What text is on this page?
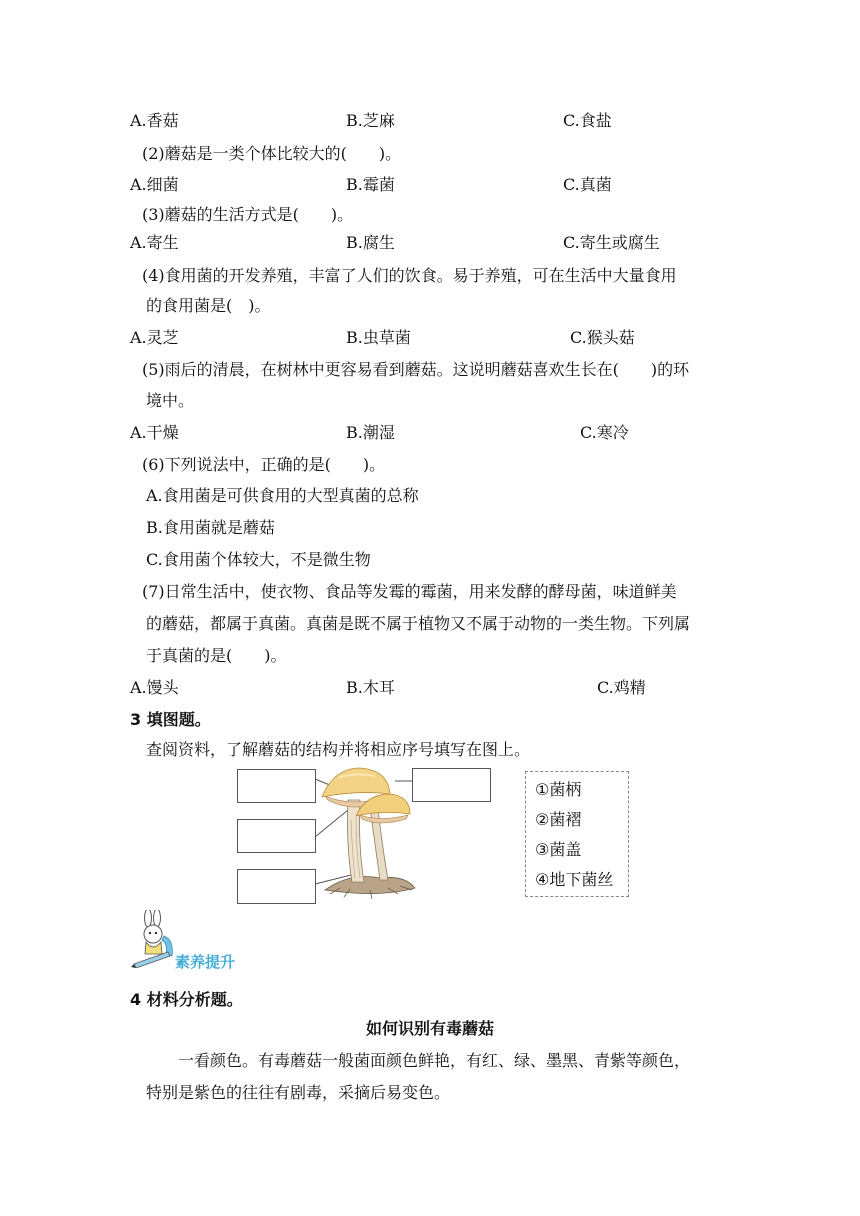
A.香菇	B.芝麻	C.食盐
(2)蘑菇是一类个体比较大的(　　)。
A.细菌	B.霉菌	C.真菌
(3)蘑菇的生活方式是(　　)。
A.寄生	B.腐生	C.寄生或腐生
(4)食用菌的开发养殖，丰富了人们的饮食。易于养殖，可在生活中大量食用
的食用菌是(　)。
A.灵芝	B.虫草菌	C.猴头菇
(5)雨后的清晨，在树林中更容易看到蘑菇。这说明蘑菇喜欢生长在(　　)的环
境中。
A.干燥	B.潮湿	C.寒冷
(6)下列说法中，正确的是(　　)。
A.食用菌是可供食用的大型真菌的总称
B.食用菌就是蘑菇
C.食用菌个体较大，不是微生物
(7)日常生活中，使衣物、食品等发霉的霉菌，用来发酵的酵母菌，味道鲜美
的蘑菇，都属于真菌。真菌是既不属于植物又不属于动物的一类生物。下列属
于真菌的是(　　)。
A.馒头	B.木耳	C.鸡精
3 填图题。
查阅资料，了解蘑菇的结构并将相应序号填写在图上。
①菌柄
②菌褶
③菌盖
④地下菌丝
素养提升
4 材料分析题。
如何识别有毒蘑菇
一看颜色。有毒蘑菇一般菌面颜色鲜艳，有红、绿、墨黑、青紫等颜色，
特别是紫色的往往有剧毒，采摘后易变色。
